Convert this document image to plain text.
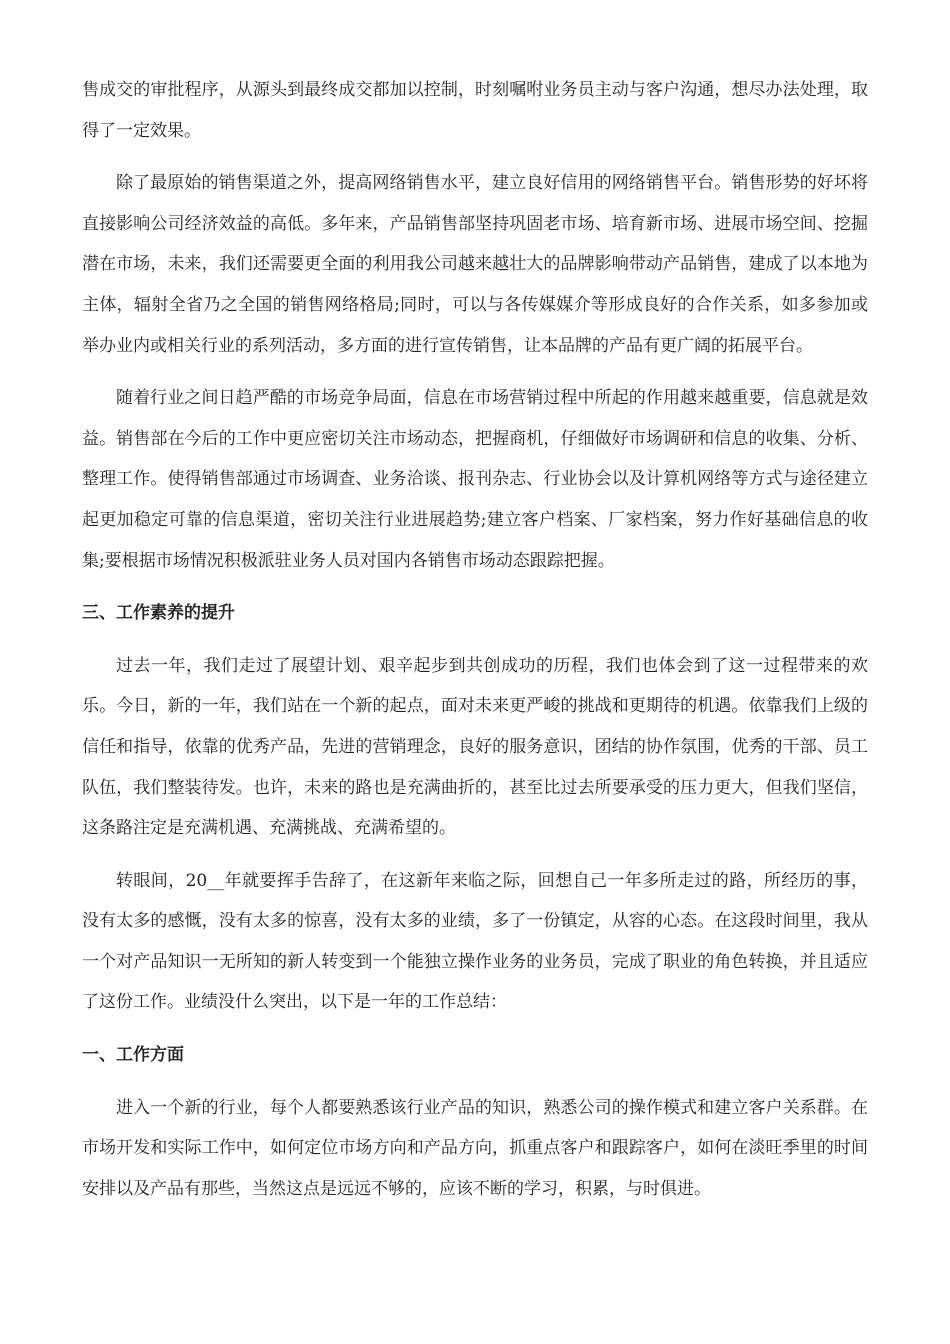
售成交的审批程序，从源头到最终成交都加以控制，时刻嘱咐业务员主动与客户沟通，想尽办法处理，取得了一定效果。

除了最原始的销售渠道之外，提高网络销售水平，建立良好信用的网络销售平台。销售形势的好坏将直接影响公司经济效益的高低。多年来，产品销售部坚持巩固老市场、培育新市场、进展市场空间、挖掘潜在市场，未来，我们还需要更全面的利用我公司越来越壮大的品牌影响带动产品销售，建成了以本地为主体，辐射全省乃之全国的销售网络格局;同时，可以与各传媒媒介等形成良好的合作关系，如多参加或举办业内或相关行业的系列活动，多方面的进行宣传销售，让本品牌的产品有更广阔的拓展平台。

随着行业之间日趋严酷的市场竞争局面，信息在市场营销过程中所起的作用越来越重要，信息就是效益。销售部在今后的工作中更应密切关注市场动态，把握商机，仔细做好市场调研和信息的收集、分析、整理工作。使得销售部通过市场调查、业务洽谈、报刊杂志、行业协会以及计算机网络等方式与途径建立起更加稳定可靠的信息渠道，密切关注行业进展趋势;建立客户档案、厂家档案，努力作好基础信息的收集;要根据市场情况积极派驻业务人员对国内各销售市场动态跟踪把握。

三、工作素养的提升

过去一年，我们走过了展望计划、艰辛起步到共创成功的历程，我们也体会到了这一过程带来的欢乐。今日，新的一年，我们站在一个新的起点，面对未来更严峻的挑战和更期待的机遇。依靠我们上级的信任和指导，依靠的优秀产品，先进的营销理念，良好的服务意识，团结的协作氛围，优秀的干部、员工队伍，我们整装待发。也许，未来的路也是充满曲折的，甚至比过去所要承受的压力更大，但我们坚信，这条路注定是充满机遇、充满挑战、充满希望的。

转眼间，20__年就要挥手告辞了，在这新年来临之际，回想自己一年多所走过的路，所经历的事，没有太多的感慨，没有太多的惊喜，没有太多的业绩，多了一份镇定，从容的心态。在这段时间里，我从一个对产品知识一无所知的新人转变到一个能独立操作业务的业务员，完成了职业的角色转换，并且适应了这份工作。业绩没什么突出，以下是一年的工作总结：

一、工作方面

进入一个新的行业，每个人都要熟悉该行业产品的知识，熟悉公司的操作模式和建立客户关系群。在市场开发和实际工作中，如何定位市场方向和产品方向，抓重点客户和跟踪客户，如何在淡旺季里的时间安排以及产品有那些，当然这点是远远不够的，应该不断的学习，积累，与时俱进。
